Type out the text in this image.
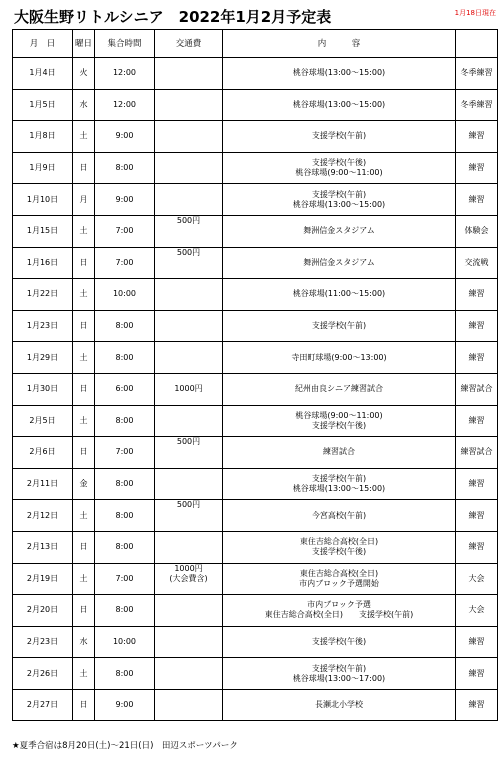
大阪生野リトルシニア　2022年1月2月予定表	1月18日現在
月　日	曜日	集合時間	交通費	内　　　容	
1月4日	火	12:00		桃谷球場(13:00～15:00)	冬季練習
1月5日	水	12:00		桃谷球場(13:00～15:00)	冬季練習
1月8日	土	9:00		支援学校(午前)	練習
1月9日	日	8:00		支援学校(午後)
桃谷球場(9:00～11:00)	練習
1月10日	月	9:00		支援学校(午前)
桃谷球場(13:00～15:00)	練習
1月15日	土	7:00	500円	舞洲信金スタジアム	体験会
1月16日	日	7:00	500円	舞洲信金スタジアム	交流戦
1月22日	土	10:00		桃谷球場(11:00～15:00)	練習
1月23日	日	8:00		支援学校(午前)	練習
1月29日	土	8:00		寺田町球場(9:00～13:00)	練習
1月30日	日	6:00	1000円	紀州由良シニア練習試合	練習試合
2月5日	土	8:00		桃谷球場(9:00～11:00)
支援学校(午後)	練習
2月6日	日	7:00	500円	練習試合	練習試合
2月11日	金	8:00		支援学校(午前)
桃谷球場(13:00～15:00)	練習
2月12日	土	8:00	500円	今宮高校(午前)	練習
2月13日	日	8:00		東住吉総合高校(全日)
支援学校(午後)	練習
2月19日	土	7:00	1000円
(大会費含)	東住吉総合高校(全日)
市内ブロック予選開始	大会
2月20日	日	8:00		市内ブロック予選
東住吉総合高校(全日)　　支援学校(午前)	大会
2月23日	水	10:00		支援学校(午後)	練習
2月26日	土	8:00		支援学校(午前)
桃谷球場(13:00～17:00)	練習
2月27日	日	9:00		長瀬北小学校	練習
★夏季合宿は8月20日(土)～21日(日)　田辺スポーツパーク
